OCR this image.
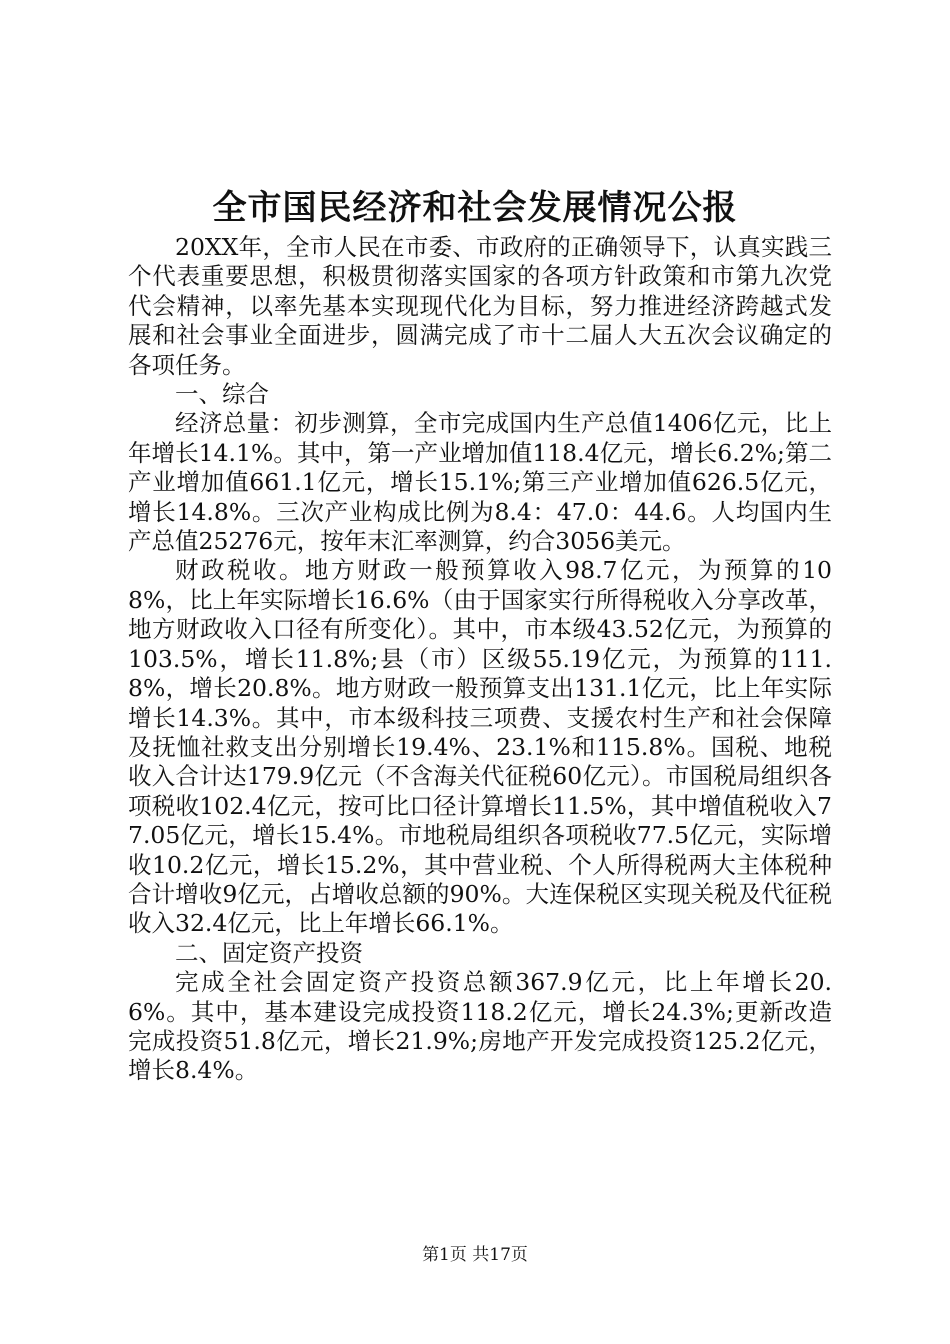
全市国民经济和社会发展情况公报

20XX年，全市人民在市委、市政府的正确领导下，认真实践三个代表重要思想，积极贯彻落实国家的各项方针政策和市第九次党代会精神，以率先基本实现现代化为目标，努力推进经济跨越式发展和社会事业全面进步，圆满完成了市十二届人大五次会议确定的各项任务。

一、综合

经济总量：初步测算，全市完成国内生产总值1406亿元，比上年增长14.1%。其中，第一产业增加值118.4亿元，增长6.2%;第二产业增加值661.1亿元，增长15.1%;第三产业增加值626.5亿元，增长14.8%。三次产业构成比例为8.4：47.0：44.6。人均国内生产总值25276元，按年末汇率测算，约合3056美元。

财政税收。地方财政一般预算收入98.7亿元，为预算的108%，比上年实际增长16.6%（由于国家实行所得税收入分享改革，地方财政收入口径有所变化）。其中，市本级43.52亿元，为预算的103.5%，增长11.8%;县（市）区级55.19亿元，为预算的111.8%，增长20.8%。地方财政一般预算支出131.1亿元，比上年实际增长14.3%。其中，市本级科技三项费、支援农村生产和社会保障及抚恤社救支出分别增长19.4%、23.1%和115.8%。国税、地税收入合计达179.9亿元（不含海关代征税60亿元）。市国税局组织各项税收102.4亿元，按可比口径计算增长11.5%，其中增值税收入77.05亿元，增长15.4%。市地税局组织各项税收77.5亿元，实际增收10.2亿元，增长15.2%，其中营业税、个人所得税两大主体税种合计增收9亿元，占增收总额的90%。大连保税区实现关税及代征税收入32.4亿元，比上年增长66.1%。

二、固定资产投资

完成全社会固定资产投资总额367.9亿元，比上年增长20.6%。其中，基本建设完成投资118.2亿元，增长24.3%;更新改造完成投资51.8亿元，增长21.9%;房地产开发完成投资125.2亿元，增长8.4%。

第1页 共17页
